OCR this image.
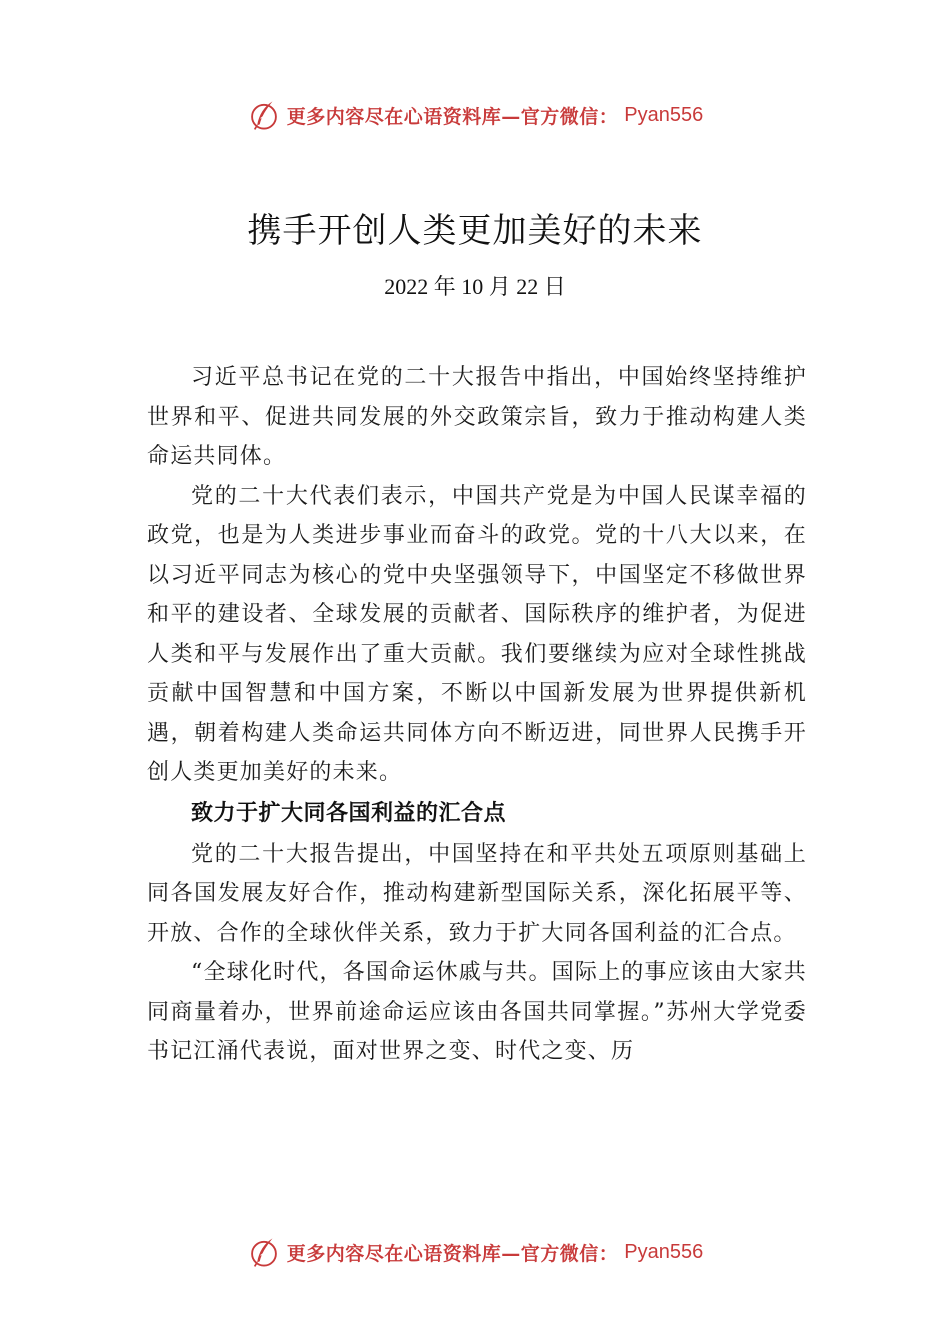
更多内容尽在心语资料库—官方微信： Pyan556
携手开创人类更加美好的未来

2022 年 10 月 22 日

习近平总书记在党的二十大报告中指出，中国始终坚持维护世界和平、促进共同发展的外交政策宗旨，致力于推动构建人类命运共同体。

党的二十大代表们表示，中国共产党是为中国人民谋幸福的政党，也是为人类进步事业而奋斗的政党。党的十八大以来，在以习近平同志为核心的党中央坚强领导下，中国坚定不移做世界和平的建设者、全球发展的贡献者、国际秩序的维护者，为促进人类和平与发展作出了重大贡献。我们要继续为应对全球性挑战贡献中国智慧和中国方案，不断以中国新发展为世界提供新机遇，朝着构建人类命运共同体方向不断迈进，同世界人民携手开创人类更加美好的未来。

致力于扩大同各国利益的汇合点

党的二十大报告提出，中国坚持在和平共处五项原则基础上同各国发展友好合作，推动构建新型国际关系，深化拓展平等、开放、合作的全球伙伴关系，致力于扩大同各国利益的汇合点。

“全球化时代，各国命运休戚与共。国际上的事应该由大家共同商量着办，世界前途命运应该由各国共同掌握。”苏州大学党委书记江涌代表说，面对世界之变、时代之变、历

更多内容尽在心语资料库—官方微信： Pyan556
